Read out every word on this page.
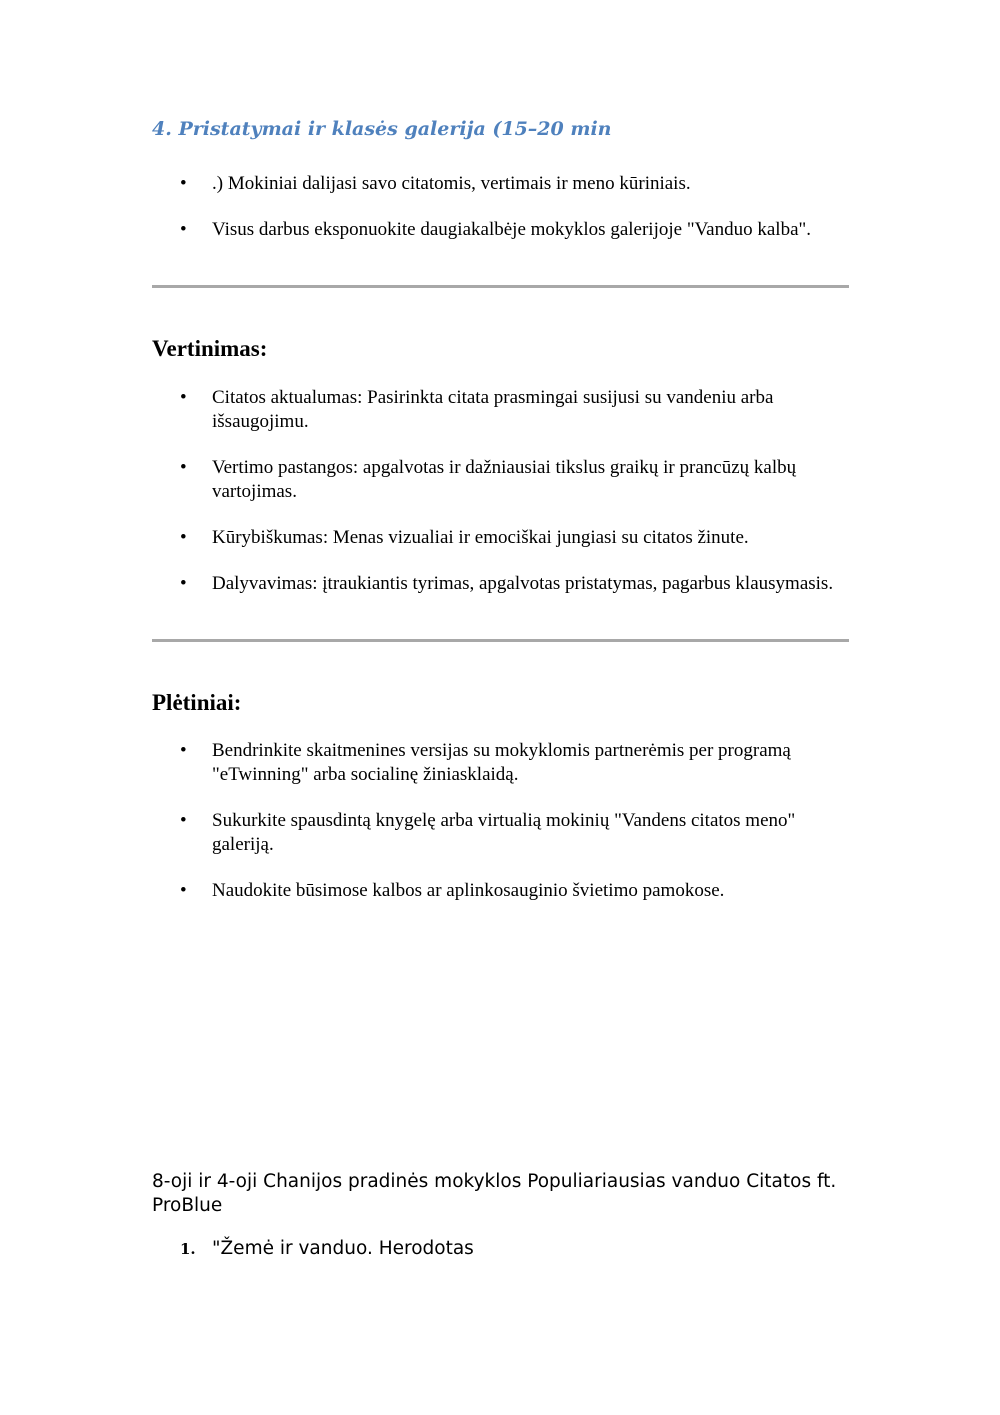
4. Pristatymai ir klasės galerija (15–20 min
• .) Mokiniai dalijasi savo citatomis, vertimais ir meno kūriniais.
• Visus darbus eksponuokite daugiakalbėje mokyklos galerijoje "Vanduo kalba".
Vertinimas:
• Citatos aktualumas: Pasirinkta citata prasmingai susijusi su vandeniu arba išsaugojimu.
• Vertimo pastangos: apgalvotas ir dažniausiai tikslus graikų ir prancūzų kalbų vartojimas.
• Kūrybiškumas: Menas vizualiai ir emociškai jungiasi su citatos žinute.
• Dalyvavimas: įtraukiantis tyrimas, apgalvotas pristatymas, pagarbus klausymasis.
Plėtiniai:
• Bendrinkite skaitmenines versijas su mokyklomis partnerėmis per programą "eTwinning" arba socialinę žiniasklaidą.
• Sukurkite spausdintą knygelę arba virtualią mokinių "Vandens citatos meno" galeriją.
• Naudokite būsimose kalbos ar aplinkosauginio švietimo pamokose.

8-oji ir 4-oji Chanijos pradinės mokyklos Populiariausias vanduo Citatos ft. ProBlue

1. "Žemė ir vanduo. Herodotas
